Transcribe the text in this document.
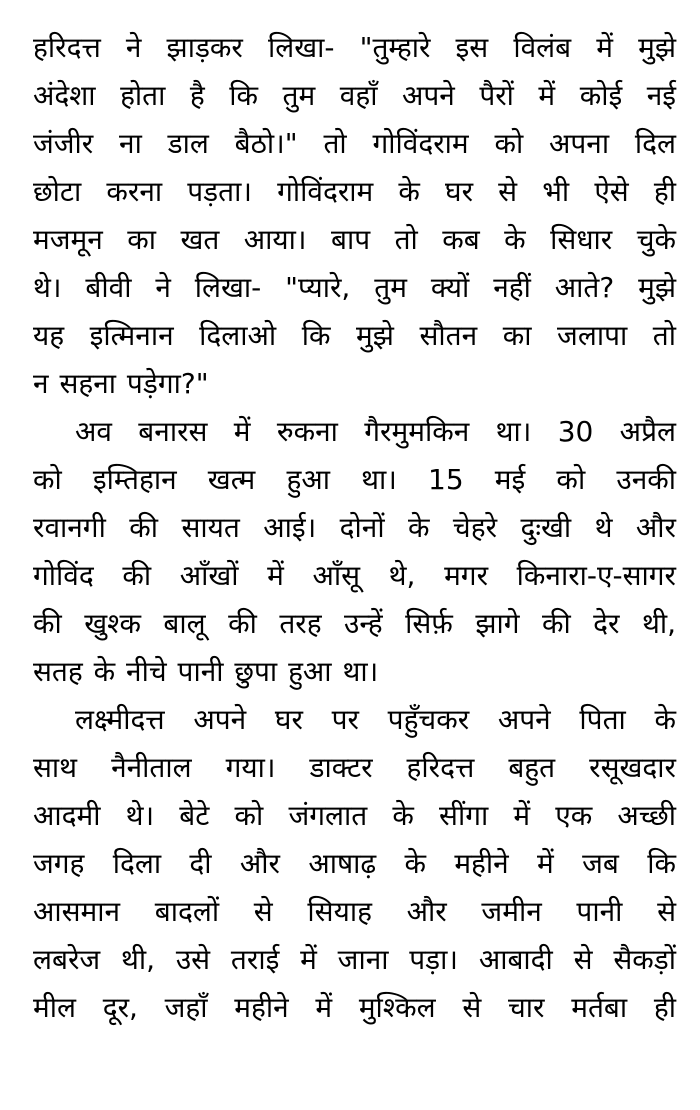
हरिदत्त ने झाड़कर लिखा- "तुम्हारे इस विलंब में मुझे
अंदेशा होता है कि तुम वहाँ अपने पैरों में कोई नई
जंजीर ना डाल बैठो।" तो गोविंदराम को अपना दिल
छोटा करना पड़ता। गोविंदराम के घर से भी ऐसे ही
मजमून का खत आया। बाप तो कब के सिधार चुके
थे। बीवी ने लिखा- "प्यारे, तुम क्यों नहीं आते? मुझे
यह इत्मिनान दिलाओ कि मुझे सौतन का जलापा तो
न सहना पड़ेगा?"
अव बनारस में रुकना गैरमुमकिन था। 30 अप्रैल
को इम्तिहान खत्म हुआ था। 15 मई को उनकी
रवानगी की सायत आई। दोनों के चेहरे दुःखी थे और
गोविंद की आँखों में आँसू थे, मगर किनारा-ए-सागर
की खुश्क बालू की तरह उन्हें सिर्फ़ झागे की देर थी,
सतह के नीचे पानी छुपा हुआ था।
लक्ष्मीदत्त अपने घर पर पहुँचकर अपने पिता के
साथ नैनीताल गया। डाक्टर हरिदत्त बहुत रसूखदार
आदमी थे। बेटे को जंगलात के सींगा में एक अच्छी
जगह दिला दी और आषाढ़ के महीने में जब कि
आसमान बादलों से सियाह और जमीन पानी से
लबरेज थी, उसे तराई में जाना पड़ा। आबादी से सैकड़ों
मील दूर, जहाँ महीने में मुश्किल से चार मर्तबा ही
